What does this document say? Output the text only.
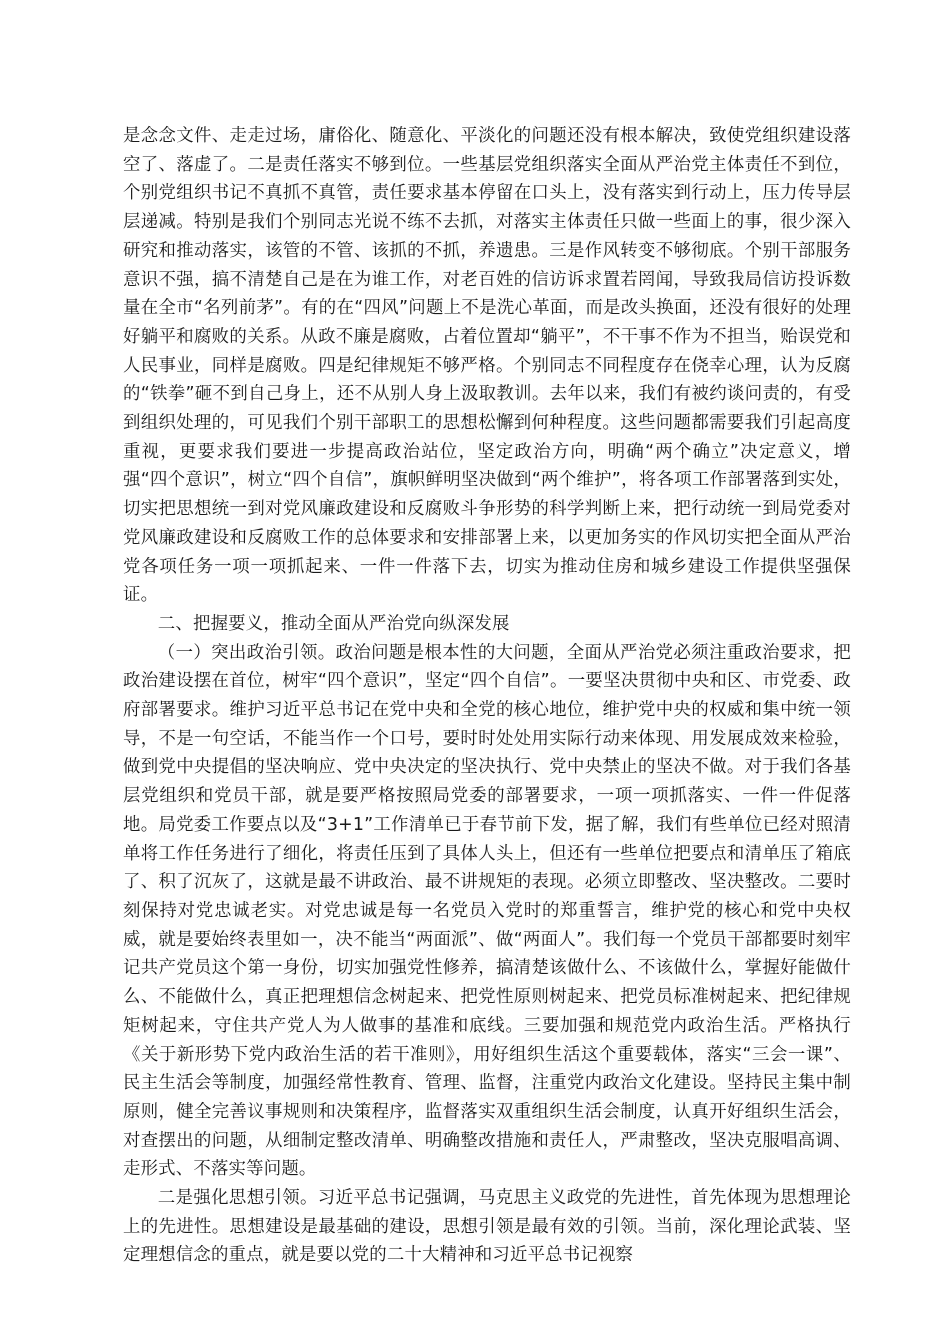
是念念文件、走走过场，庸俗化、随意化、平淡化的问题还没有根本解决，致使党组织建设落空了、落虚了。二是责任落实不够到位。一些基层党组织落实全面从严治党主体责任不到位，个别党组织书记不真抓不真管，责任要求基本停留在口头上，没有落实到行动上，压力传导层层递减。特别是我们个别同志光说不练不去抓，对落实主体责任只做一些面上的事，很少深入研究和推动落实，该管的不管、该抓的不抓，养遗患。三是作风转变不够彻底。个别干部服务意识不强，搞不清楚自己是在为谁工作，对老百姓的信访诉求置若罔闻，导致我局信访投诉数量在全市“名列前茅”。有的在“四风”问题上不是洗心革面，而是改头换面，还没有很好的处理好躺平和腐败的关系。从政不廉是腐败，占着位置却“躺平”，不干事不作为不担当，贻误党和人民事业，同样是腐败。四是纪律规矩不够严格。个别同志不同程度存在侥幸心理，认为反腐的“铁拳”砸不到自己身上，还不从别人身上汲取教训。去年以来，我们有被约谈问责的，有受到组织处理的，可见我们个别干部职工的思想松懈到何种程度。这些问题都需要我们引起高度重视，更要求我们要进一步提高政治站位，坚定政治方向，明确“两个确立”决定意义，增强“四个意识”，树立“四个自信”，旗帜鲜明坚决做到“两个维护”，将各项工作部署落到实处，切实把思想统一到对党风廉政建设和反腐败斗争形势的科学判断上来，把行动统一到局党委对党风廉政建设和反腐败工作的总体要求和安排部署上来，以更加务实的作风切实把全面从严治党各项任务一项一项抓起来、一件一件落下去，切实为推动住房和城乡建设工作提供坚强保证。

二、把握要义，推动全面从严治党向纵深发展

（一）突出政治引领。政治问题是根本性的大问题，全面从严治党必须注重政治要求，把政治建设摆在首位，树牢“四个意识”，坚定“四个自信”。一要坚决贯彻中央和区、市党委、政府部署要求。维护习近平总书记在党中央和全党的核心地位，维护党中央的权威和集中统一领导，不是一句空话，不能当作一个口号，要时时处处用实际行动来体现、用发展成效来检验，做到党中央提倡的坚决响应、党中央决定的坚决执行、党中央禁止的坚决不做。对于我们各基层党组织和党员干部，就是要严格按照局党委的部署要求，一项一项抓落实、一件一件促落地。局党委工作要点以及“3+1”工作清单已于春节前下发，据了解，我们有些单位已经对照清单将工作任务进行了细化，将责任压到了具体人头上，但还有一些单位把要点和清单压了箱底了、积了沉灰了，这就是最不讲政治、最不讲规矩的表现。必须立即整改、坚决整改。二要时刻保持对党忠诚老实。对党忠诚是每一名党员入党时的郑重誓言，维护党的核心和党中央权威，就是要始终表里如一，决不能当“两面派”、做“两面人”。我们每一个党员干部都要时刻牢记共产党员这个第一身份，切实加强党性修养，搞清楚该做什么、不该做什么，掌握好能做什么、不能做什么，真正把理想信念树起来、把党性原则树起来、把党员标准树起来、把纪律规矩树起来，守住共产党人为人做事的基准和底线。三要加强和规范党内政治生活。严格执行《关于新形势下党内政治生活的若干准则》，用好组织生活这个重要载体，落实“三会一课”、民主生活会等制度，加强经常性教育、管理、监督，注重党内政治文化建设。坚持民主集中制原则，健全完善议事规则和决策程序，监督落实双重组织生活会制度，认真开好组织生活会，对查摆出的问题，从细制定整改清单、明确整改措施和责任人，严肃整改，坚决克服唱高调、走形式、不落实等问题。

二是强化思想引领。习近平总书记强调，马克思主义政党的先进性，首先体现为思想理论上的先进性。思想建设是最基础的建设，思想引领是最有效的引领。当前，深化理论武装、坚定理想信念的重点，就是要以党的二十大精神和习近平总书记视察
